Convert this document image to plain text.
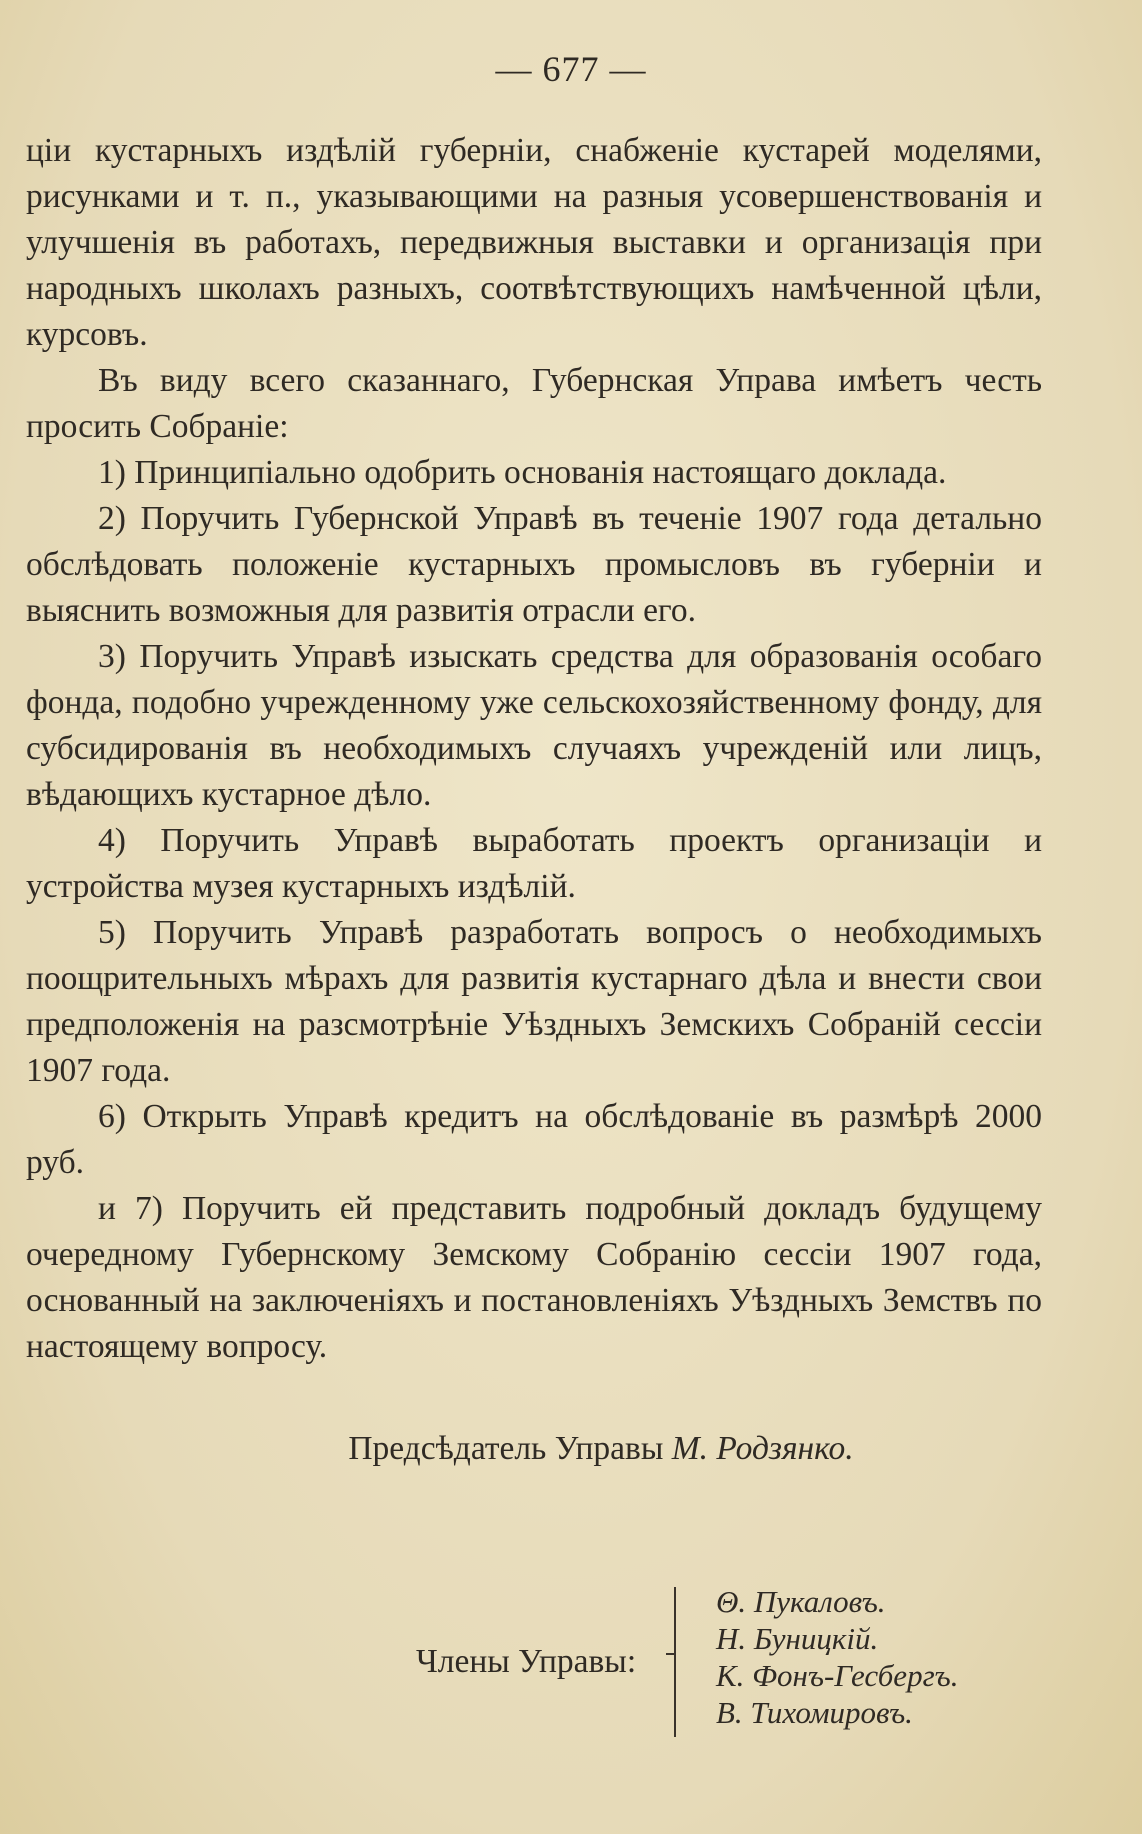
— 677 —

ціи кустарныхъ издѣлій губерніи, снабженіе кустарей моделями, рисунками и т. п., указывающими на разныя усовершенствованія и улучшенія въ работахъ, передвижныя выставки и организація при народныхъ школахъ разныхъ, соотвѣтствующихъ намѣченной цѣли, курсовъ.

Въ виду всего сказаннаго, Губернская Управа имѣетъ честь просить Собраніе:

1) Принципіально одобрить основанія настоящаго доклада.

2) Поручить Губернской Управѣ въ теченіе 1907 года детально обслѣдовать положеніе кустарныхъ промысловъ въ губерніи и выяснить возможныя для развитія отрасли его.

3) Поручить Управѣ изыскать средства для образованія особаго фонда, подобно учрежденному уже сельскохозяйственному фонду, для субсидированія въ необходимыхъ случаяхъ учрежденій или лицъ, вѣдающихъ кустарное дѣло.

4) Поручить Управѣ выработать проектъ организаціи и устройства музея кустарныхъ издѣлій.

5) Поручить Управѣ разработать вопросъ о необходимыхъ поощрительныхъ мѣрахъ для развитія кустарнаго дѣла и внести свои предположенія на разсмотрѣніе Уѣздныхъ Земскихъ Собраній сессіи 1907 года.

6) Открыть Управѣ кредитъ на обслѣдованіе въ размѣрѣ 2000 руб.

и 7) Поручить ей представить подробный докладъ будущему очередному Губернскому Земскому Собранію сессіи 1907 года, основанный на заключеніяхъ и постановленіяхъ Уѣздныхъ Земствъ по настоящему вопросу.

Предсѣдатель Управы М. Родзянко.
Члены Управы:
Θ. Пукаловъ.
Н. Буницкій.
К. Фонъ-Гесбергъ.
В. Тихомировъ.
